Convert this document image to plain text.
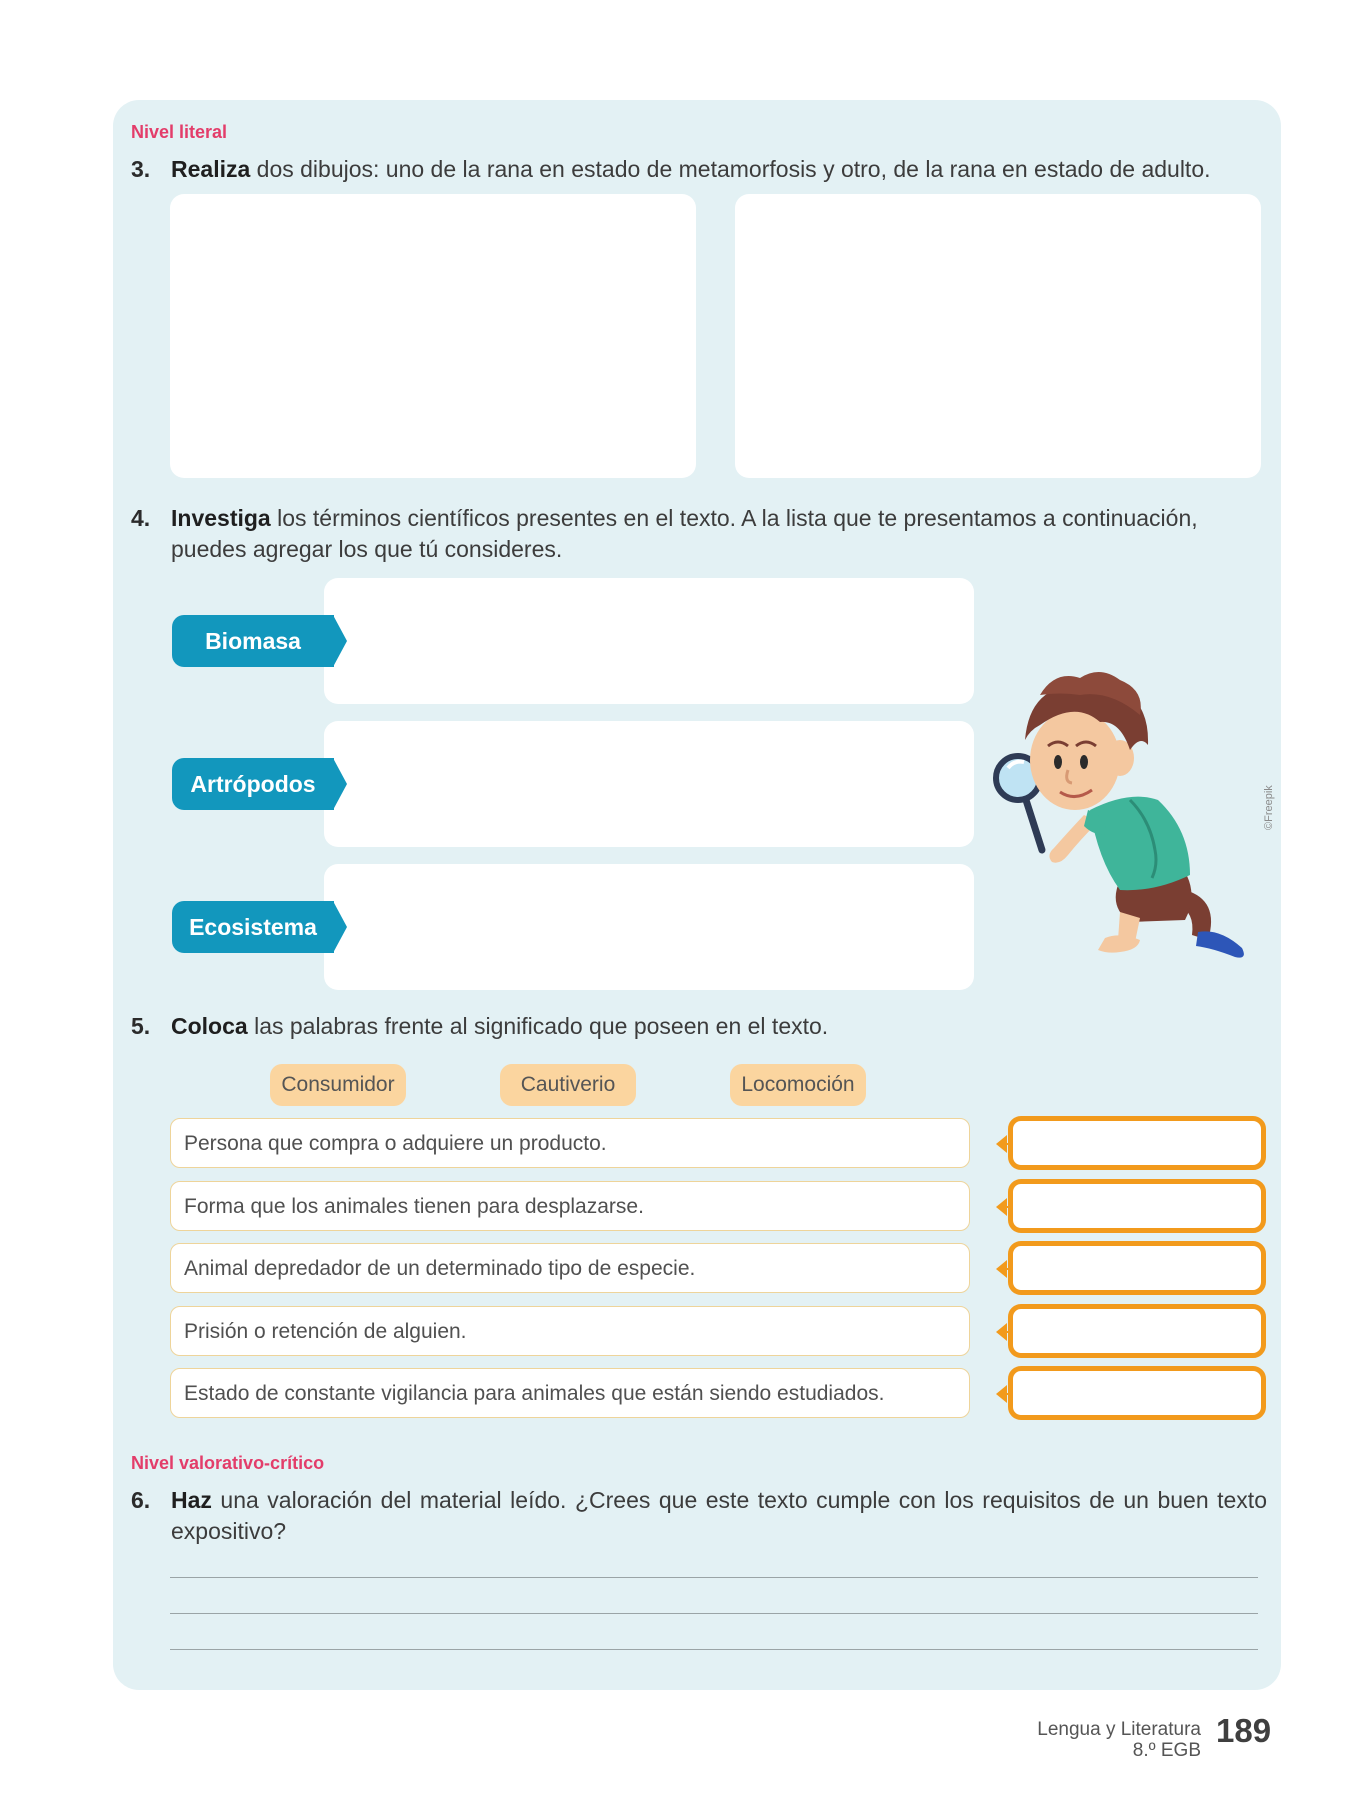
Nivel literal
3. Realiza dos dibujos: uno de la rana en estado de metamorfosis y otro, de la rana en estado de adulto.
4. Investiga los términos científicos presentes en el texto. A la lista que te presentamos a continuación, puedes agregar los que tú consideres.
Biomasa
Artrópodos
Ecosistema
©Freepik
5. Coloca las palabras frente al significado que poseen en el texto.
Consumidor	Cautiverio	Locomoción
Persona que compra o adquiere un producto.
Forma que los animales tienen para desplazarse.
Animal depredador de un determinado tipo de especie.
Prisión o retención de alguien.
Estado de constante vigilancia para animales que están siendo estudiados.
Nivel valorativo-crítico
6. Haz una valoración del material leído. ¿Crees que este texto cumple con los requisitos de un buen texto expositivo?
Lengua y Literatura
8.º EGB
189
